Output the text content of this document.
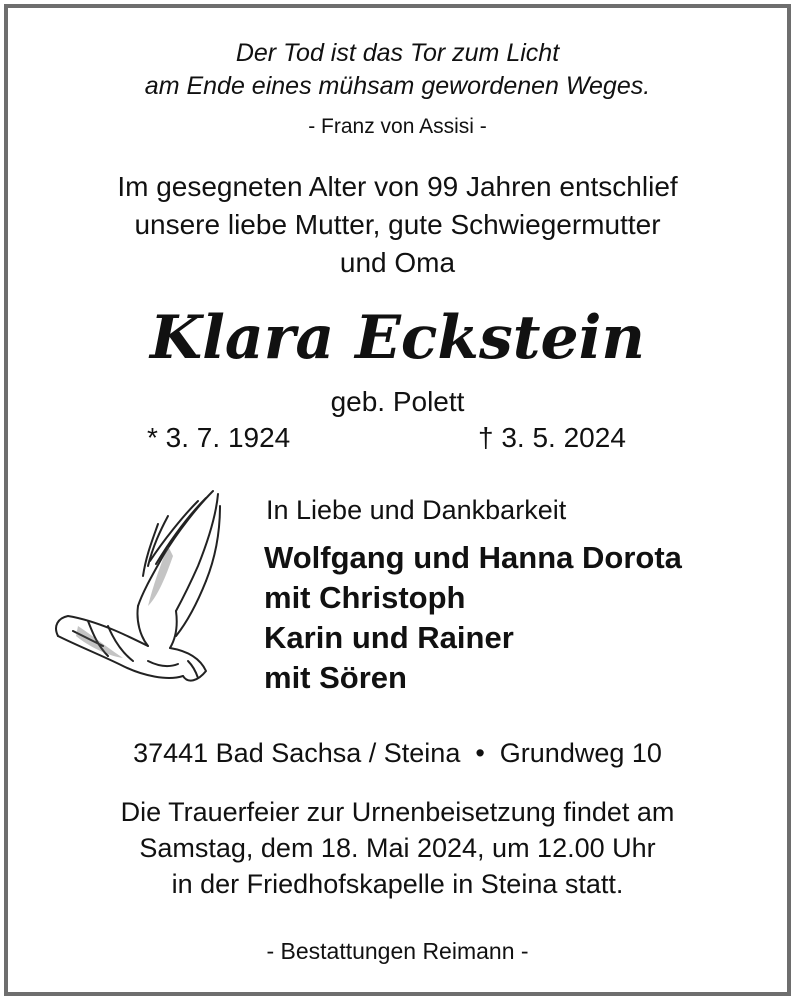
Der Tod ist das Tor zum Licht
am Ende eines mühsam gewordenen Weges.
- Franz von Assisi -
Im gesegneten Alter von 99 Jahren entschlief
unsere liebe Mutter, gute Schwiegermutter
und Oma
Klara Eckstein
geb. Polett
* 3. 7. 1924	† 3. 5. 2024
In Liebe und Dankbarkeit
Wolfgang und Hanna Dorota
mit Christoph
Karin und Rainer
mit Sören
37441 Bad Sachsa / Steina  •  Grundweg 10
Die Trauerfeier zur Urnenbeisetzung findet am
Samstag, dem 18. Mai 2024, um 12.00 Uhr
in der Friedhofskapelle in Steina statt.
- Bestattungen Reimann -
